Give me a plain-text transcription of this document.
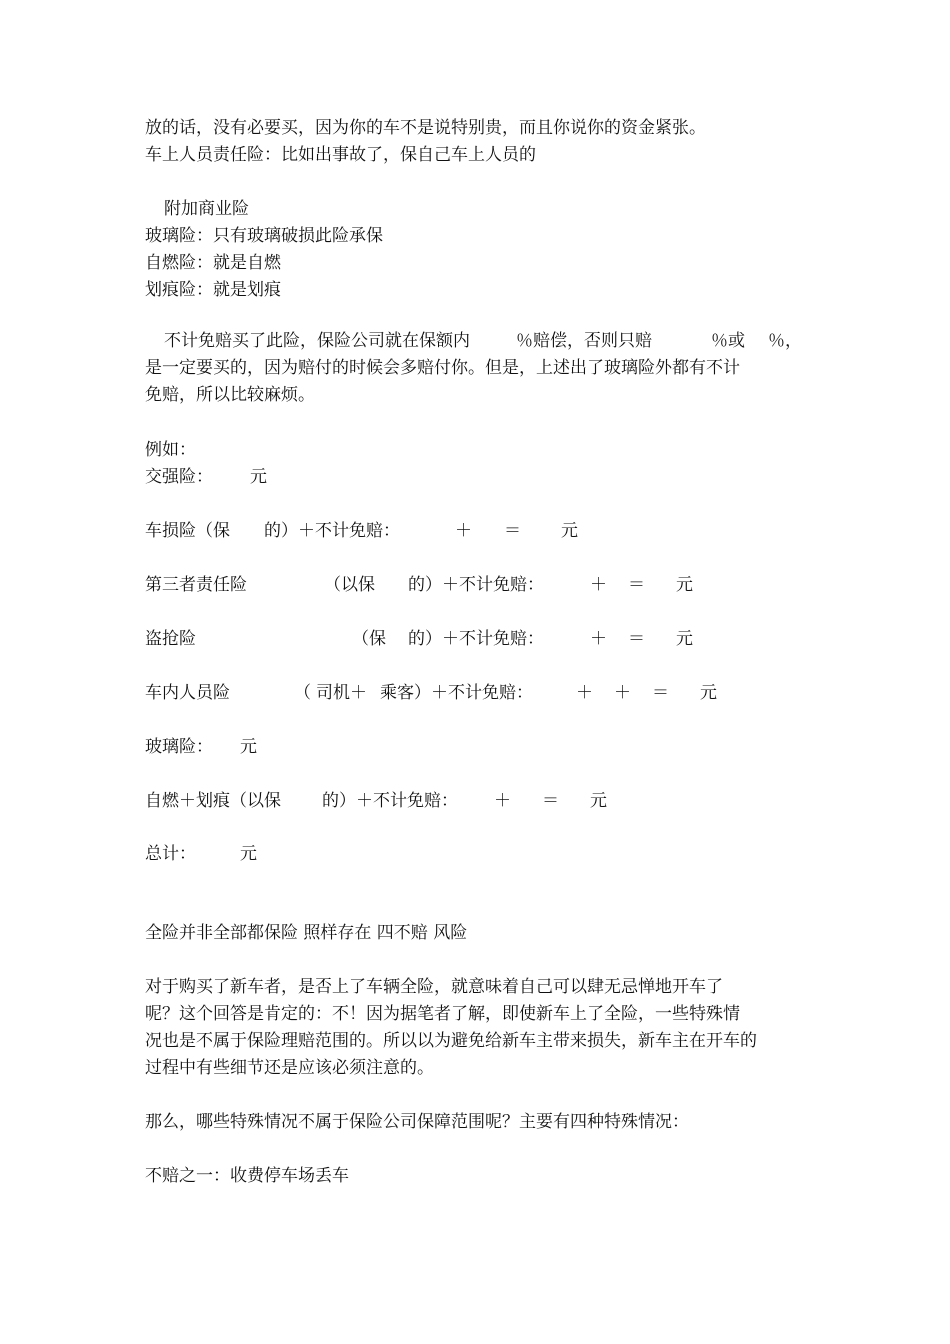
放的话，没有必要买，因为你的车不是说特别贵，而且你说你的资金紧张。

车上人员责任险：比如出事故了，保自己车上人员的

附加商业险

玻璃险：只有玻璃破损此险承保

自燃险：就是自燃

划痕险：就是划痕

不计免赔买了此险，保险公司就在保额内	％赔偿，否则只赔	％或 ％，

是一定要买的，因为赔付的时候会多赔付你。但是，上述出了玻璃险外都有不计

免赔，所以比较麻烦。

例如：

交强险： 元
车损险（保 的）＋不计免赔：	＋ ＝ 元
第三者责任险	（以保 的）＋不计免赔：	＋ ＝ 元
盗抢险	（保 的）＋不计免赔：	＋ ＝ 元
车内人员险	（ 司机＋ 乘客）＋不计免赔：	＋ ＋ ＝ 元
玻璃险： 元
自燃＋划痕（以保 的）＋不计免赔： ＋ ＝ 元
总计：	元

全险并非全部都保险 照样存在 四不赔 风险

对于购买了新车者，是否上了车辆全险，就意味着自己可以肆无忌惮地开车了

呢？这个回答是肯定的：不！因为据笔者了解，即使新车上了全险，一些特殊情

况也是不属于保险理赔范围的。所以以为避免给新车主带来损失，新车主在开车的

过程中有些细节还是应该必须注意的。

那么，哪些特殊情况不属于保险公司保障范围呢？主要有四种特殊情况：

不赔之一：收费停车场丢车
